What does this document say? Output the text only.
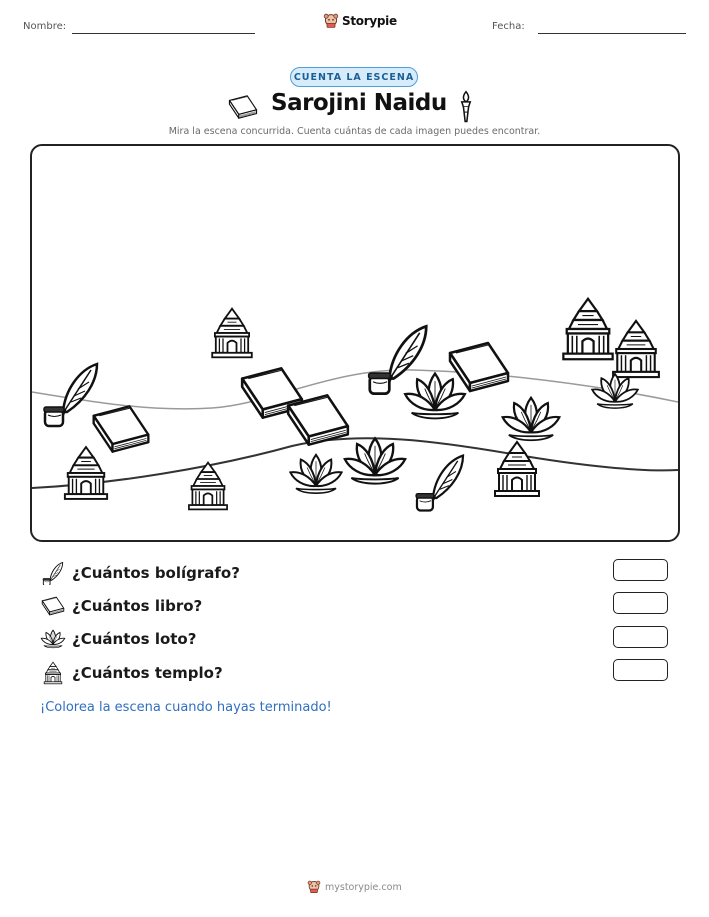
Nombre:	Storypie	Fecha:
CUENTA LA ESCENA
Sarojini Naidu
Mira la escena concurrida. Cuenta cuántas de cada imagen puedes encontrar.
¿Cuántos bolígrafo?
¿Cuántos libro?
¿Cuántos loto?
¿Cuántos templo?
¡Colorea la escena cuando hayas terminado!
mystorypie.com
